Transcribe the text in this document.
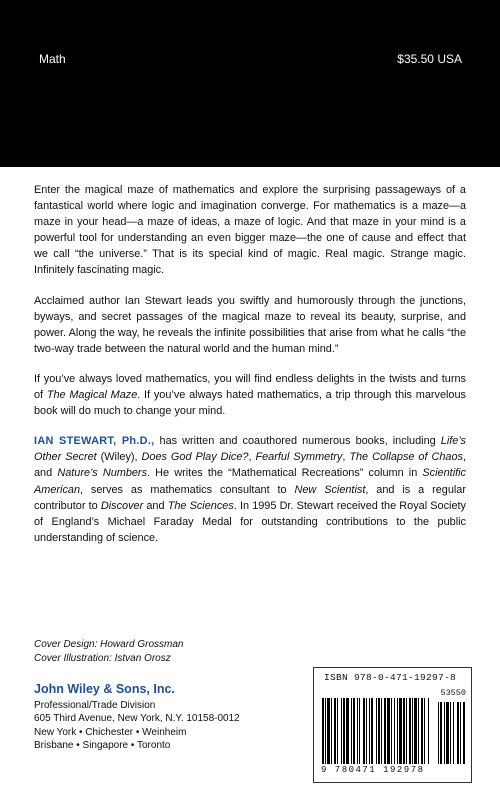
Math	$35.50 USA

Enter the magical maze of mathematics and explore the surprising passageways of a fantastical world where logic and imagination converge. For mathematics is a maze—a maze in your head—a maze of ideas, a maze of logic. And that maze in your mind is a powerful tool for understanding an even bigger maze—the one of cause and effect that we call “the universe.” That is its special kind of magic. Real magic. Strange magic. Infinitely fascinating magic.

Acclaimed author Ian Stewart leads you swiftly and humorously through the junctions, byways, and secret passages of the magical maze to reveal its beauty, surprise, and power. Along the way, he reveals the infinite possibilities that arise from what he calls “the two-way trade between the natural world and the human mind.”

If you’ve always loved mathematics, you will find endless delights in the twists and turns of The Magical Maze. If you’ve always hated mathematics, a trip through this marvelous book will do much to change your mind.

IAN STEWART, Ph.D., has written and coauthored numerous books, including Life’s Other Secret (Wiley), Does God Play Dice?, Fearful Symmetry, The Collapse of Chaos, and Nature’s Numbers. He writes the “Mathematical Recreations” column in Scientific American, serves as mathematics consultant to New Scientist, and is a regular contributor to Discover and The Sciences. In 1995 Dr. Stewart received the Royal Society of England’s Michael Faraday Medal for outstanding contributions to the public understanding of science.

Cover Design: Howard Grossman
Cover Illustration: Istvan Orosz
John Wiley & Sons, Inc.
Professional/Trade Division
605 Third Avenue, New York, N.Y. 10158-0012
New York • Chichester • Weinheim
Brisbane • Singapore • Toronto
ISBN 978-0-471-19297-8
53550
9 780471 192978
